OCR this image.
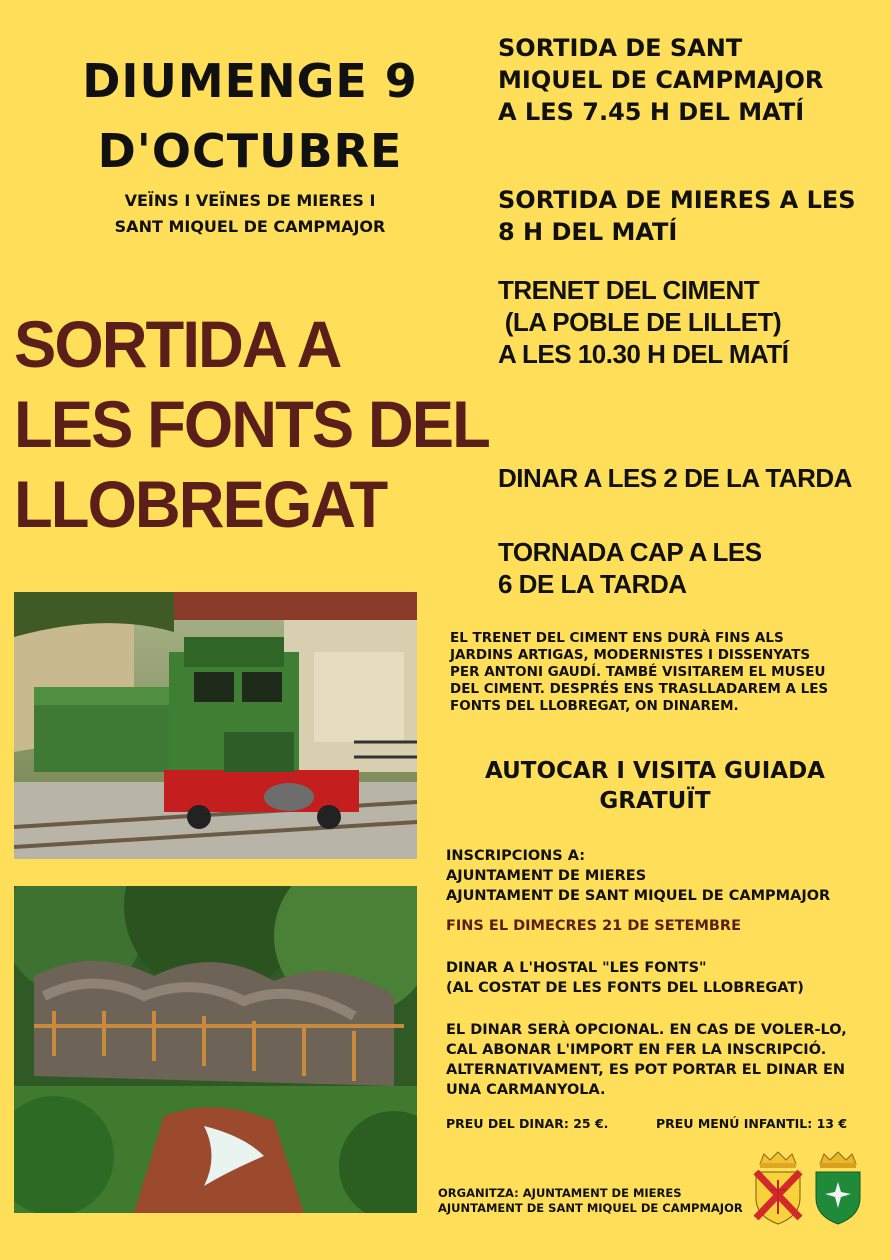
DIUMENGE 9
D'OCTUBRE
VEÏNS I VEÏNES DE MIERES I
SANT MIQUEL DE CAMPMAJOR
SORTIDA A
LES FONTS DEL
LLOBREGAT
SORTIDA DE SANT
MIQUEL DE CAMPMAJOR
A LES 7.45 H DEL MATÍ
SORTIDA DE MIERES A LES
8 H DEL MATÍ
TRENET DEL CIMENT
(LA POBLE DE LILLET)
A LES 10.30 H DEL MATÍ
DINAR A LES 2 DE LA TARDA
TORNADA CAP A LES
6 DE LA TARDA
EL TRENET DEL CIMENT ENS DURÀ FINS ALS
JARDINS ARTIGAS, MODERNISTES I DISSENYATS
PER ANTONI GAUDÍ. TAMBÉ VISITAREM EL MUSEU
DEL CIMENT. DESPRÉS ENS TRASLLADAREM A LES
FONTS DEL LLOBREGAT, ON DINAREM.
AUTOCAR I VISITA GUIADA
GRATUÏT
INSCRIPCIONS A:
AJUNTAMENT DE MIERES
AJUNTAMENT DE SANT MIQUEL DE CAMPMAJOR
FINS EL DIMECRES 21 DE SETEMBRE
DINAR A L'HOSTAL "LES FONTS"
(AL COSTAT DE LES FONTS DEL LLOBREGAT)
EL DINAR SERÀ OPCIONAL. EN CAS DE VOLER-LO,
CAL ABONAR L'IMPORT EN FER LA INSCRIPCIÓ.
ALTERNATIVAMENT, ES POT PORTAR EL DINAR EN
UNA CARMANYOLA.
PREU DEL DINAR: 25 €.	PREU MENÚ INFANTIL: 13 €
ORGANITZA: AJUNTAMENT DE MIERES
AJUNTAMENT DE SANT MIQUEL DE CAMPMAJOR
